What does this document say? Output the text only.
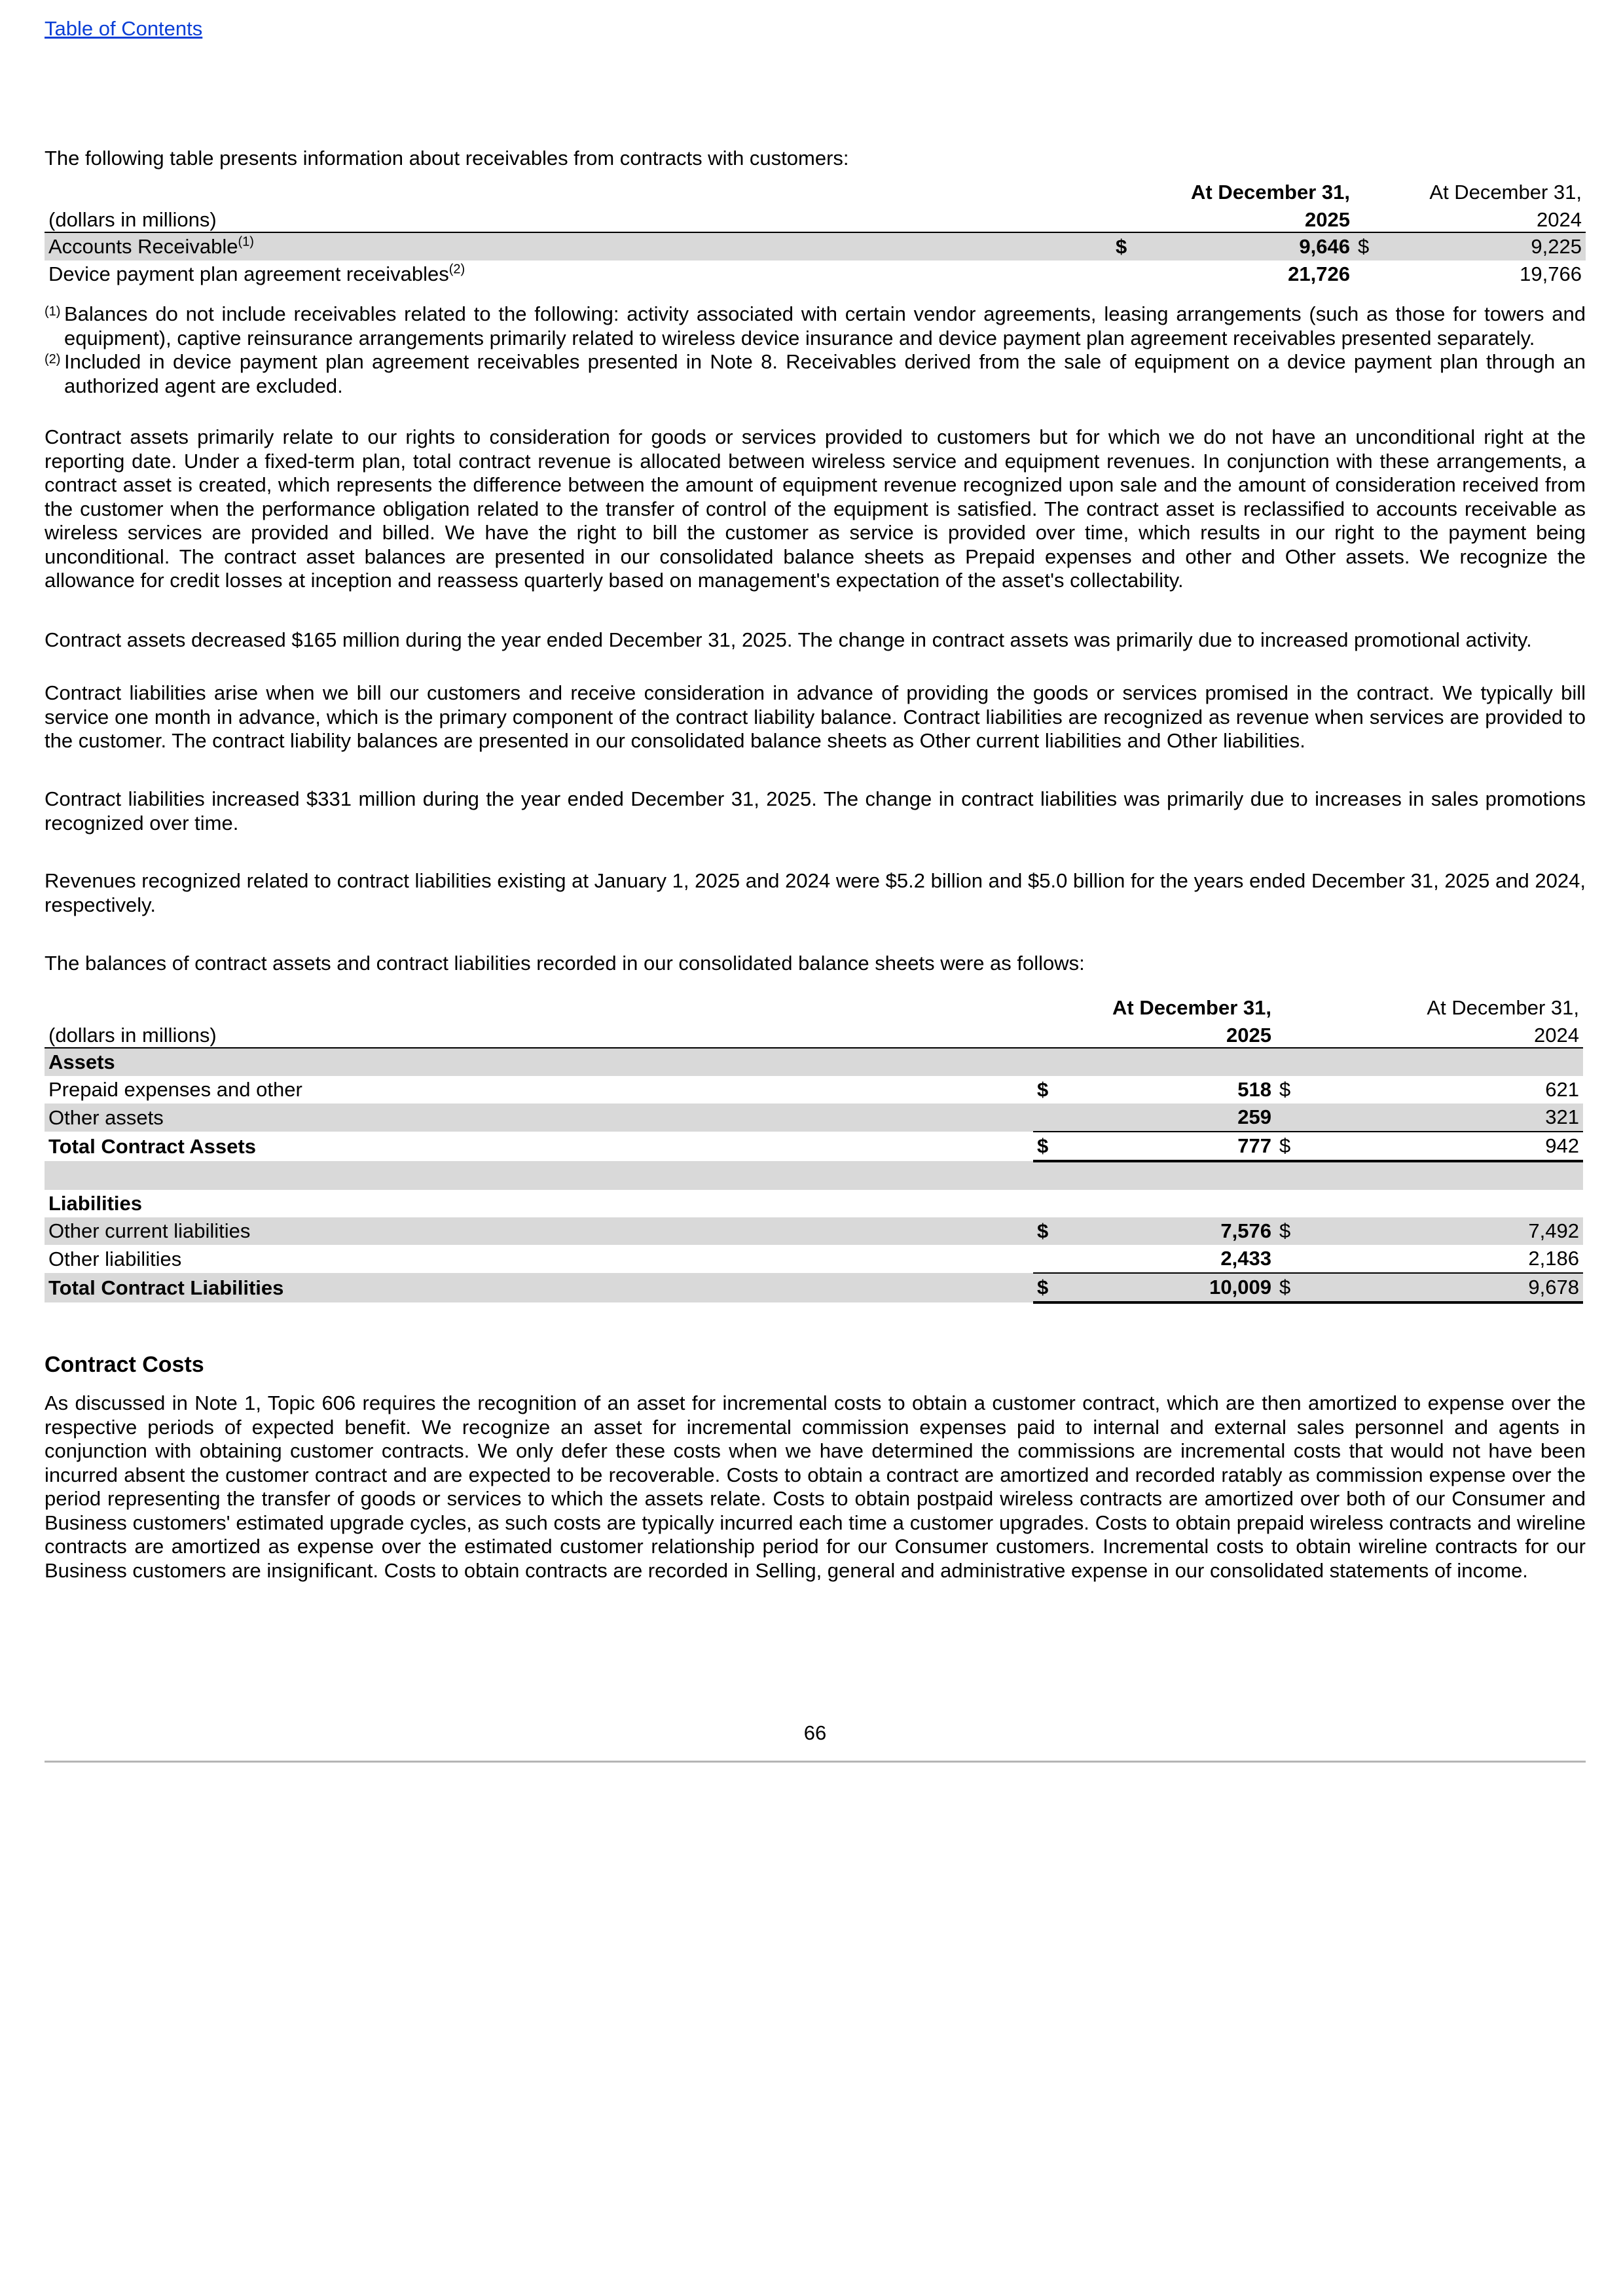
Table of Contents
The following table presents information about receivables from contracts with customers:
		At December 31,		At December 31,
(dollars in millions)		2025		2024
Accounts Receivable$^{(1)}$	$	9,646	$	9,225
Device payment plan agreement receivables$^{(2)}$		21,726		19,766
(1) Balances do not include receivables related to the following: activity associated with certain vendor agreements, leasing arrangements (such as those for towers and equipment), captive reinsurance arrangements primarily related to wireless device insurance and device payment plan agreement receivables presented separately.
(2) Included in device payment plan agreement receivables presented in Note 8. Receivables derived from the sale of equipment on a device payment plan through an authorized agent are excluded.

Contract assets primarily relate to our rights to consideration for goods or services provided to customers but for which we do not have an unconditional right at the reporting date. Under a fixed-term plan, total contract revenue is allocated between wireless service and equipment revenues. In conjunction with these arrangements, a contract asset is created, which represents the difference between the amount of equipment revenue recognized upon sale and the amount of consideration received from the customer when the performance obligation related to the transfer of control of the equipment is satisfied. The contract asset is reclassified to accounts receivable as wireless services are provided and billed. We have the right to bill the customer as service is provided over time, which results in our right to the payment being unconditional. The contract asset balances are presented in our consolidated balance sheets as Prepaid expenses and other and Other assets. We recognize the allowance for credit losses at inception and reassess quarterly based on management's expectation of the asset's collectability.

Contract assets decreased $165 million during the year ended December 31, 2025. The change in contract assets was primarily due to increased promotional activity.

Contract liabilities arise when we bill our customers and receive consideration in advance of providing the goods or services promised in the contract. We typically bill service one month in advance, which is the primary component of the contract liability balance. Contract liabilities are recognized as revenue when services are provided to the customer. The contract liability balances are presented in our consolidated balance sheets as Other current liabilities and Other liabilities.

Contract liabilities increased $331 million during the year ended December 31, 2025. The change in contract liabilities was primarily due to increases in sales promotions recognized over time.

Revenues recognized related to contract liabilities existing at January 1, 2025 and 2024 were $5.2 billion and $5.0 billion for the years ended December 31, 2025 and 2024, respectively.

The balances of contract assets and contract liabilities recorded in our consolidated balance sheets were as follows:

		At December 31,		At December 31,
(dollars in millions)		2025		2024
Assets				
Prepaid expenses and other	$	518	$	621
Other assets		259		321
Total Contract Assets	$	777	$	942

Liabilities				
Other current liabilities	$	7,576	$	7,492
Other liabilities		2,433		2,186
Total Contract Liabilities	$	10,009	$	9,678
Contract Costs

As discussed in Note 1, Topic 606 requires the recognition of an asset for incremental costs to obtain a customer contract, which are then amortized to expense over the respective periods of expected benefit. We recognize an asset for incremental commission expenses paid to internal and external sales personnel and agents in conjunction with obtaining customer contracts. We only defer these costs when we have determined the commissions are incremental costs that would not have been incurred absent the customer contract and are expected to be recoverable. Costs to obtain a contract are amortized and recorded ratably as commission expense over the period representing the transfer of goods or services to which the assets relate. Costs to obtain postpaid wireless contracts are amortized over both of our Consumer and Business customers' estimated upgrade cycles, as such costs are typically incurred each time a customer upgrades. Costs to obtain prepaid wireless contracts and wireline contracts are amortized as expense over the estimated customer relationship period for our Consumer customers. Incremental costs to obtain wireline contracts for our Business customers are insignificant. Costs to obtain contracts are recorded in Selling, general and administrative expense in our consolidated statements of income.

66
